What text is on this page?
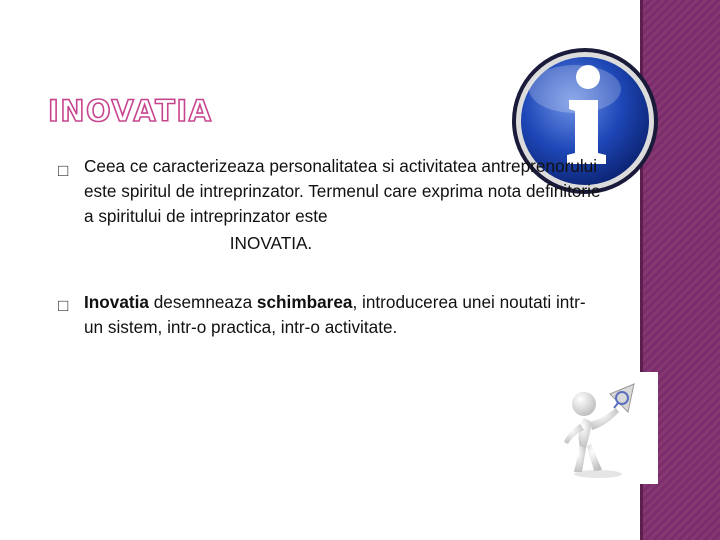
INOVATIA
□ Ceea ce caracterizeaza personalitatea si activitatea antreprenorului este spiritul de intreprinzator. Termenul care exprima nota definitorie a spiritului de intreprinzator este

INOVATIA.
□ Inovatia desemneaza schimbarea, introducerea unei noutati intr-un sistem, intr-o practica, intr-o activitate.
